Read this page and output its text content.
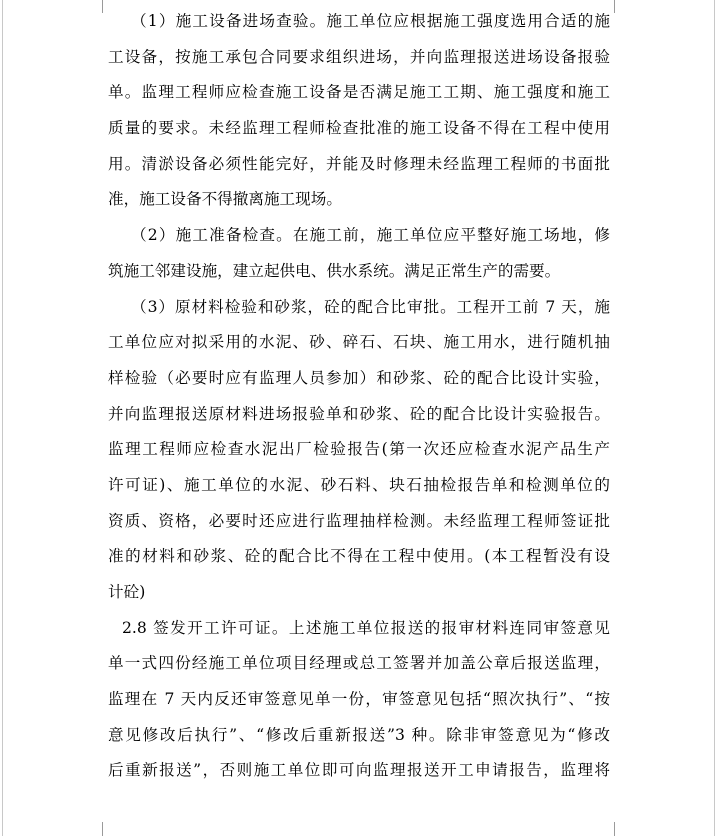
（1）施工设备进场查验。施工单位应根据施工强度选用合适的施
工设备，按施工承包合同要求组织进场，并向监理报送进场设备报验
单。监理工程师应检查施工设备是否满足施工工期、施工强度和施工
质量的要求。未经监理工程师检查批准的施工设备不得在工程中使用
用。清淤设备必须性能完好，并能及时修理未经监理工程师的书面批
准，施工设备不得撤离施工现场。
（2）施工准备检查。在施工前，施工单位应平整好施工场地，修
筑施工邻建设施，建立起供电、供水系统。满足正常生产的需要。
（3）原材料检验和砂浆，砼的配合比审批。工程开工前 7 天，施
工单位应对拟采用的水泥、砂、碎石、石块、施工用水，进行随机抽
样检验（必要时应有监理人员参加）和砂浆、砼的配合比设计实验，
并向监理报送原材料进场报验单和砂浆、砼的配合比设计实验报告。
监理工程师应检查水泥出厂检验报告(第一次还应检查水泥产品生产
许可证)、施工单位的水泥、砂石料、块石抽检报告单和检测单位的
资质、资格，必要时还应进行监理抽样检测。未经监理工程师签证批
准的材料和砂浆、砼的配合比不得在工程中使用。(本工程暂没有设
计砼)
2.8 签发开工许可证。上述施工单位报送的报审材料连同审签意见
单一式四份经施工单位项目经理或总工签署并加盖公章后报送监理，
监理在 7 天内反还审签意见单一份，审签意见包括“照次执行”、“按
意见修改后执行”、“修改后重新报送”3 种。除非审签意见为“修改
后重新报送”，否则施工单位即可向监理报送开工申请报告，监理将
